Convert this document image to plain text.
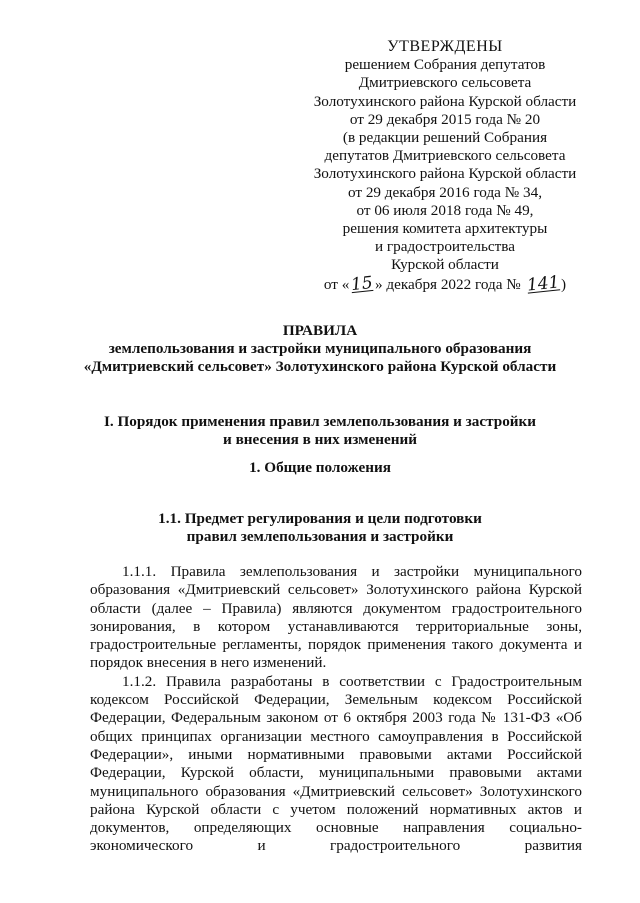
УТВЕРЖДЕНЫ
решением Собрания депутатов
Дмитриевского сельсовета
Золотухинского района Курской области
от 29 декабря 2015 года № 20
(в редакции решений Собрания
депутатов Дмитриевского сельсовета
Золотухинского района Курской области
от 29 декабря 2016 года № 34,
от 06 июля 2018 года № 49,
решения комитета архитектуры
и градостроительства
Курской области
от «15» декабря 2022 года № 141)
ПРАВИЛА
землепользования и застройки муниципального образования
«Дмитриевский сельсовет» Золотухинского района Курской области
I. Порядок применения правил землепользования и застройки
и внесения в них изменений
1. Общие положения
1.1. Предмет регулирования и цели подготовки
правил землепользования и застройки

1.1.1. Правила землепользования и застройки муниципального образования «Дмитриевский сельсовет» Золотухинского района Курской области (далее – Правила) являются документом градостроительного зонирования, в котором устанавливаются территориальные зоны, градостроительные регламенты, порядок применения такого документа и порядок внесения в него изменений.

1.1.2. Правила разработаны в соответствии с Градостроительным кодексом Российской Федерации, Земельным кодексом Российской Федерации, Федеральным законом от 6 октября 2003 года № 131-ФЗ «Об общих принципах организации местного самоуправления в Российской Федерации», иными нормативными правовыми актами Российской Федерации, Курской области, муниципальными правовыми актами муниципального образования «Дмитриевский сельсовет» Золотухинского района Курской области с учетом положений нормативных актов и документов, определяющих основные направления социально-экономического и градостроительного развития
